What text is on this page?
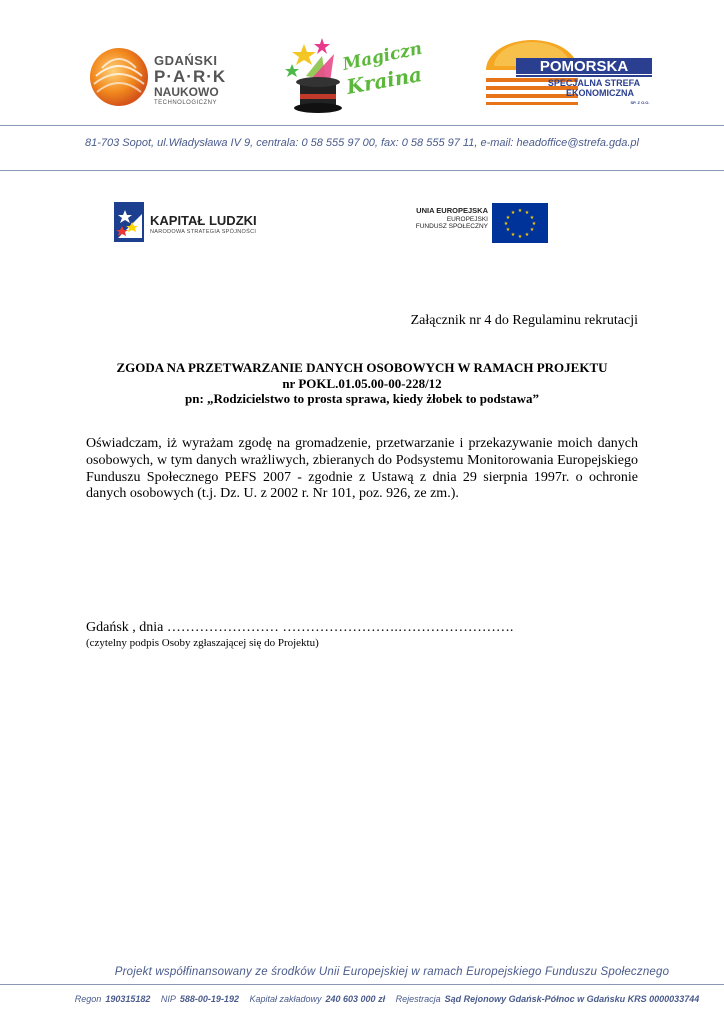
GDAŃSKI
P·A·R·K
NAUKOWO
TECHNOLOGICZNY
Magiczna
Kraina	POMORSKA
SPECJALNA STREFA
EKONOMICZNA
SP. Z O.O.
81-703 Sopot, ul.Władysława IV 9, centrala: 0 58 555 97 00, fax: 0 58 555 97 11, e-mail: headoffice@strefa.gda.pl
KAPITAŁ LUDZKI
NARODOWA STRATEGIA SPÓJNOŚCI
UNIA EUROPEJSKA
EUROPEJSKI
FUNDUSZ SPOŁECZNY
★ ★
★
★
★
★
★
★
★
★
★
★
Załącznik nr 4 do Regulaminu rekrutacji
ZGODA NA PRZETWARZANIE DANYCH OSOBOWYCH W RAMACH PROJEKTU
nr POKL.01.05.00-00-228/12
pn: „Rodzicielstwo to prosta sprawa, kiedy żłobek to podstawa”
Oświadczam, iż wyrażam zgodę na gromadzenie, przetwarzanie i przekazywanie moich danych osobowych, w tym danych wrażliwych, zbieranych do Podsystemu Monitorowania Europejskiego Funduszu Społecznego PEFS 2007 - zgodnie z Ustawą z dnia 29 sierpnia 1997r. o ochronie danych osobowych (t.j. Dz. U. z 2002 r. Nr 101, poz. 926, ze zm.).
Gdańsk , dnia …………………… …………………….…………………….
(czytelny podpis Osoby zgłaszającej się do Projektu)
Projekt współfinansowany ze środków Unii Europejskiej w ramach Europejskiego Funduszu Społecznego
Regon 190315182 NIP 588-00-19-192 Kapitał zakładowy 240 603 000 zł Rejestracja Sąd Rejonowy Gdańsk-Północ w Gdańsku KRS 0000033744
